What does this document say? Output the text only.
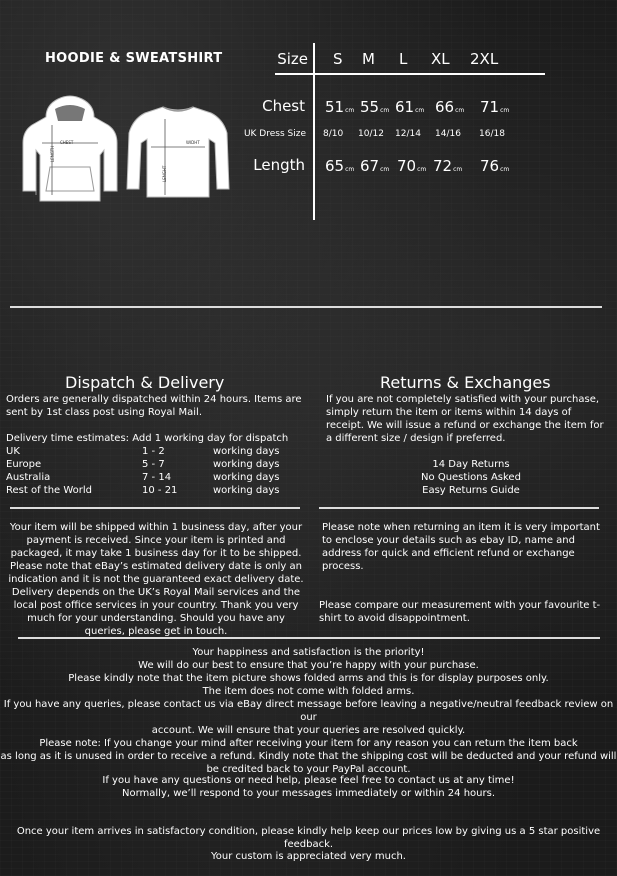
HOODIE & SWEATSHIRT
CHEST
LENGTH
WIDHT
LENGHT
Size S M L XL 2XL
Chest 51cm 55cm 61cm 66cm 71cm
UK Dress Size 8/10 10/12 12/14 14/16 16/18
Length 65cm 67cm 70cm 72cm 76cm
Dispatch & Delivery
Orders are generally dispatched within 24 hours. Items are sent by 1st class post using Royal Mail.
Delivery time estimates: Add 1 working day for dispatch
UK	1 - 2	working days
Europe	5 - 7	working days
Australia	7 - 14	working days
Rest of the World	10 - 21	working days
Returns & Exchanges
If you are not completely satisfied with your purchase, simply return the item or items within 14 days of receipt. We will issue a refund or exchange the item for a different size / design if preferred.
14 Day Returns
No Questions Asked
Easy Returns Guide
Your item will be shipped within 1 business day, after your payment is received. Since your item is printed and packaged, it may take 1 business day for it to be shipped. Please note that eBay’s estimated delivery date is only an indication and it is not the guaranteed exact delivery date. Delivery depends on the UK’s Royal Mail services and the local post office services in your country. Thank you very much for your understanding. Should you have any queries, please get in touch.
Please note when returning an item it is very important to enclose your details such as ebay ID, name and address for quick and efficient refund or exchange process.
Please compare our measurement with your favourite t-shirt to avoid disappointment.
Your happiness and satisfaction is the priority!
We will do our best to ensure that you’re happy with your purchase.
Please kindly note that the item picture shows folded arms and this is for display purposes only.
The item does not come with folded arms.
If you have any queries, please contact us via eBay direct message before leaving a negative/neutral feedback review on our
account. We will ensure that your queries are resolved quickly.
Please note: If you change your mind after receiving your item for any reason you can return the item back
as long as it is unused in order to receive a refund. Kindly note that the shipping cost will be deducted and your refund will
be credited back to your PayPal account.
If you have any questions or need help, please feel free to contact us at any time!
Normally, we’ll respond to your messages immediately or within 24 hours.
Once your item arrives in satisfactory condition, please kindly help keep our prices low by giving us a 5 star positive feedback.
Your custom is appreciated very much.
